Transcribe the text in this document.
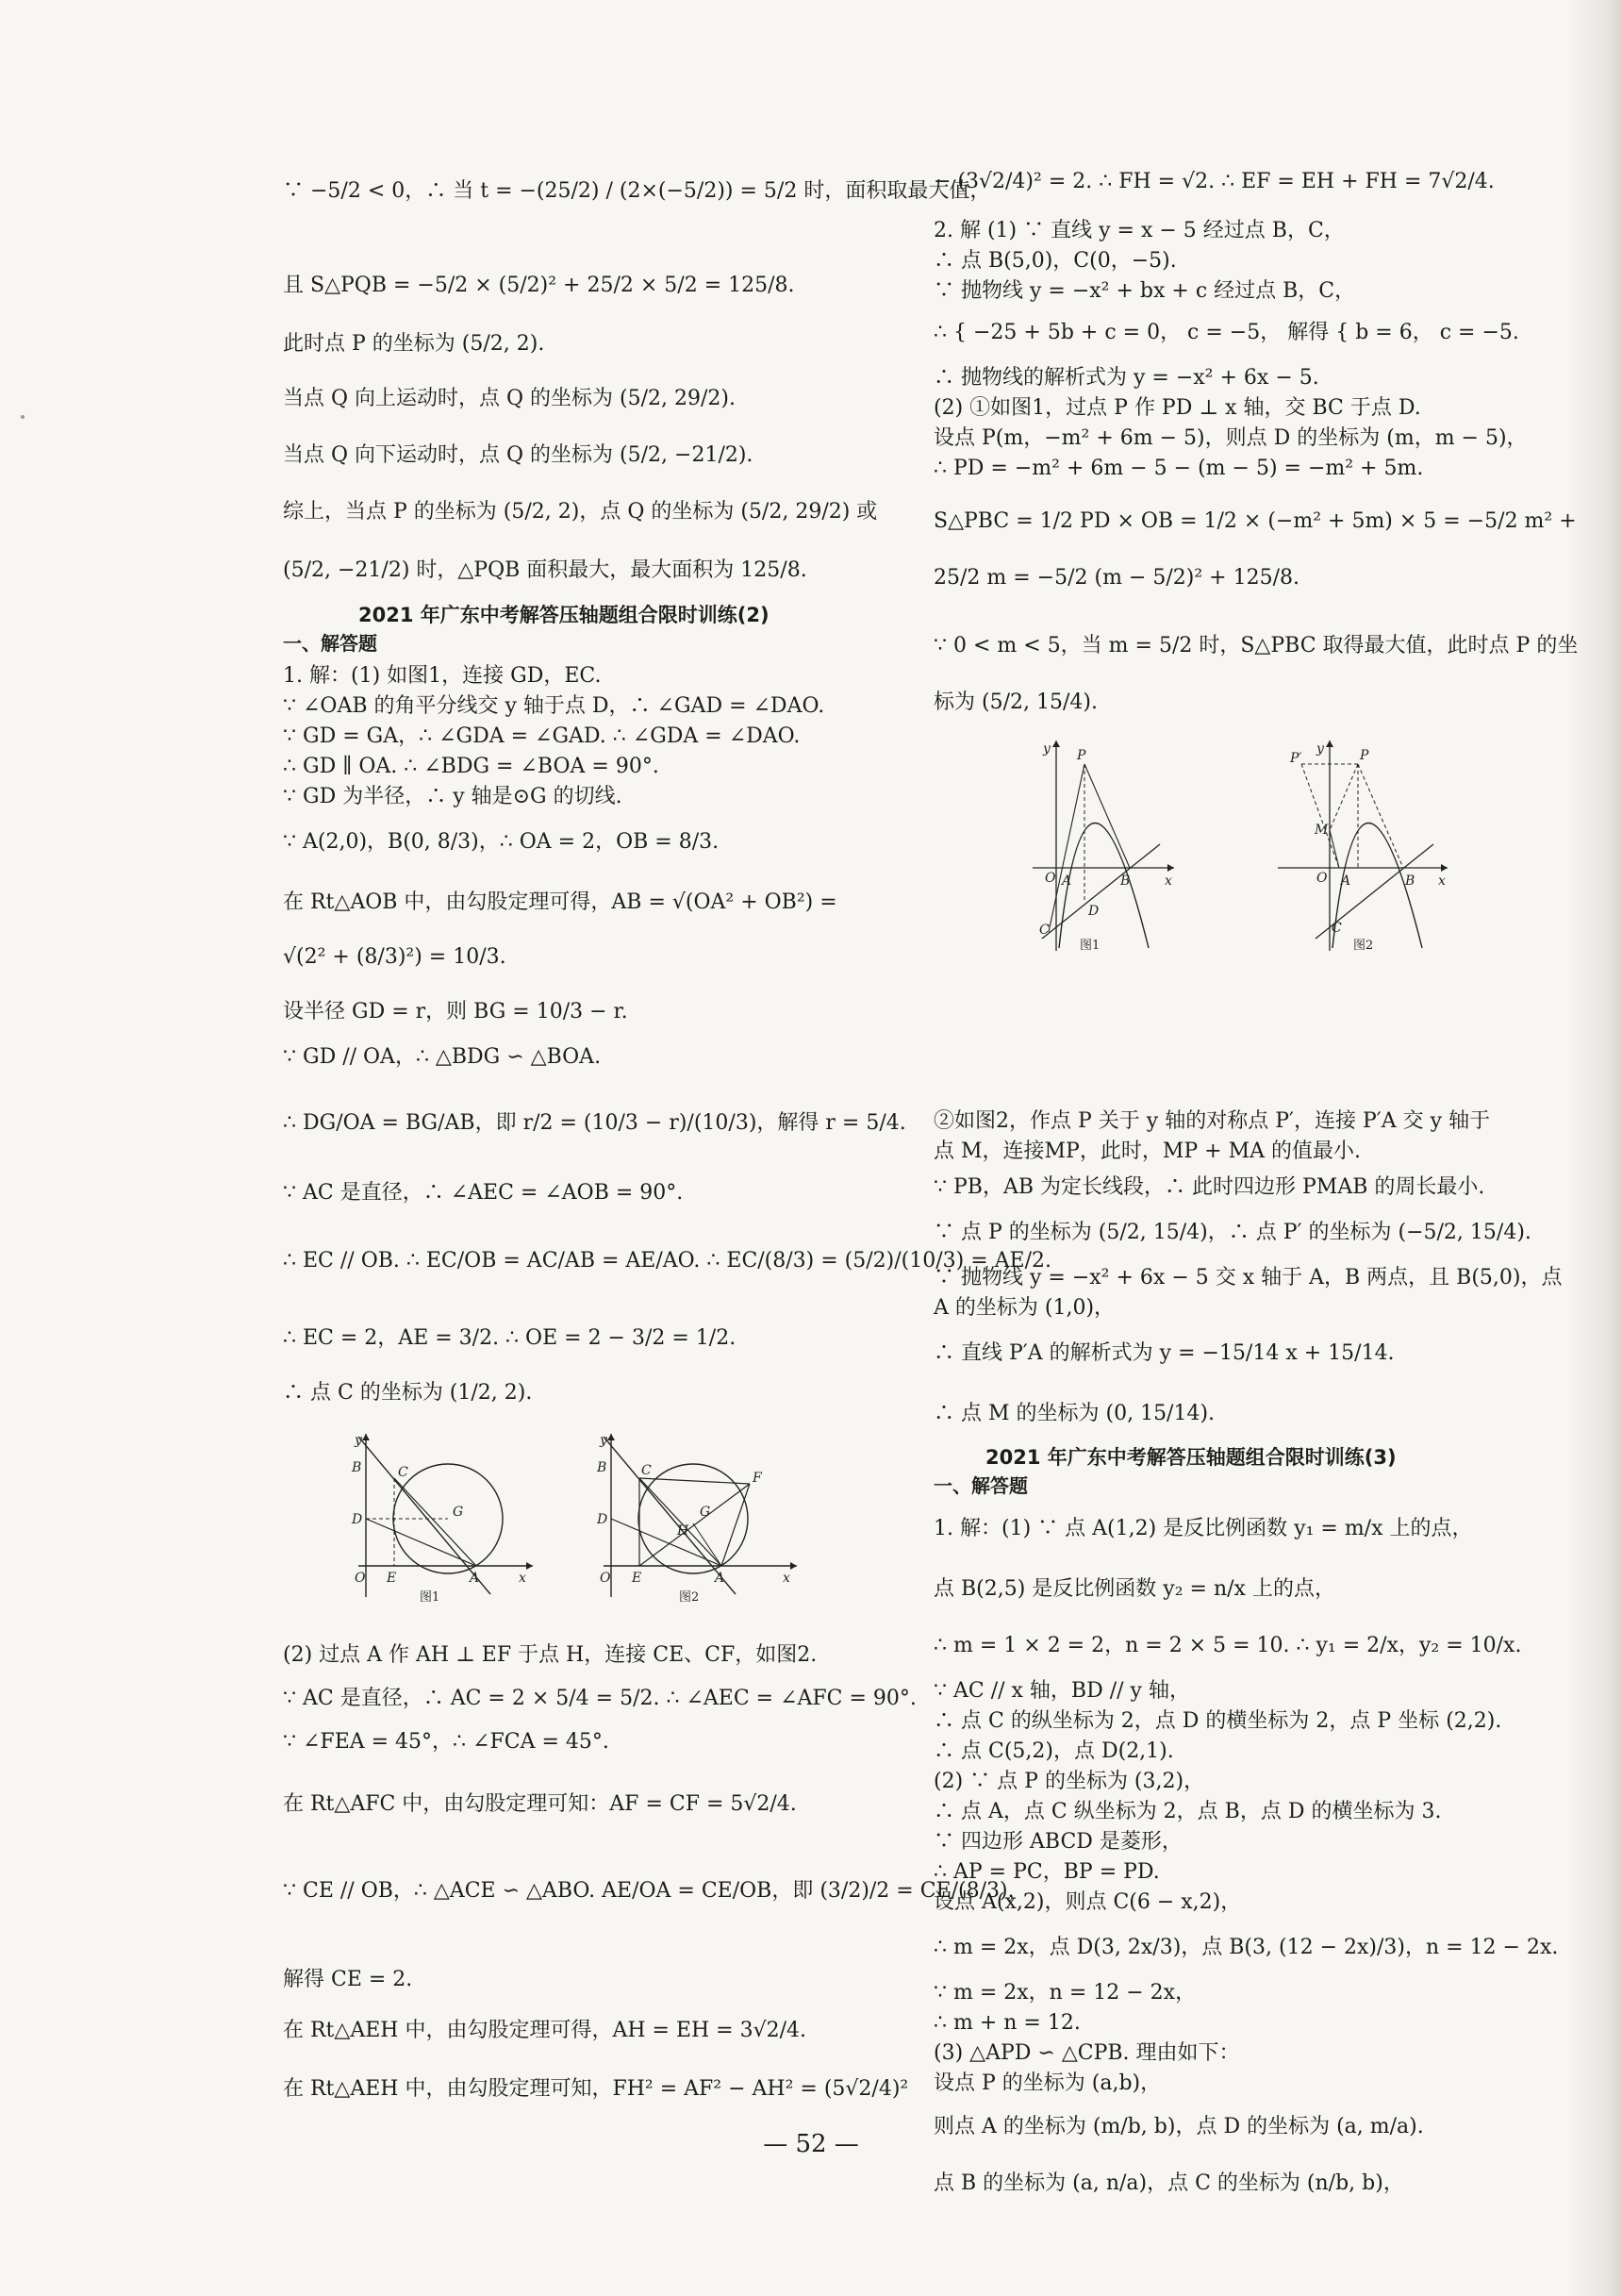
∵ −5/2 < 0，∴ 当 t = −(25/2) / (2×(−5/2)) = 5/2 时，面积取最大值，
且 S△PQB = −5/2 × (5/2)² + 25/2 × 5/2 = 125/8.
此时点 P 的坐标为 (5/2, 2).
当点 Q 向上运动时，点 Q 的坐标为 (5/2, 29/2).
当点 Q 向下运动时，点 Q 的坐标为 (5/2, −21/2).
综上，当点 P 的坐标为 (5/2, 2)，点 Q 的坐标为 (5/2, 29/2) 或
(5/2, −21/2) 时，△PQB 面积最大，最大面积为 125/8.
2021 年广东中考解答压轴题组合限时训练(2)
一、解答题
1. 解：(1) 如图1，连接 GD，EC.
∵ ∠OAB 的角平分线交 y 轴于点 D，∴ ∠GAD = ∠DAO.
∵ GD = GA，∴ ∠GDA = ∠GAD. ∴ ∠GDA = ∠DAO.
∴ GD ∥ OA. ∴ ∠BDG = ∠BOA = 90°.
∵ GD 为半径，∴ y 轴是⊙G 的切线.
∵ A(2,0)，B(0, 8/3)，∴ OA = 2，OB = 8/3.
在 Rt△AOB 中，由勾股定理可得，AB = √(OA² + OB²) =
√(2² + (8/3)²) = 10/3.
设半径 GD = r，则 BG = 10/3 − r.
∵ GD // OA，∴ △BDG ∽ △BOA.
∴ DG/OA = BG/AB，即 r/2 = (10/3 − r)/(10/3)，解得 r = 5/4.
∵ AC 是直径，∴ ∠AEC = ∠AOB = 90°.
∴ EC // OB. ∴ EC/OB = AC/AB = AE/AO. ∴ EC/(8/3) = (5/2)/(10/3) = AE/2.
∴ EC = 2，AE = 3/2. ∴ OE = 2 − 3/2 = 1/2.
∴ 点 C 的坐标为 (1/2, 2).
B	C
D	G
O E	A	x
y
图1
B	C	F
D	G
H
O E	A	x
y
图2
(2) 过点 A 作 AH ⊥ EF 于点 H，连接 CE、CF，如图2.
∵ AC 是直径，∴ AC = 2 × 5/4 = 5/2. ∴ ∠AEC = ∠AFC = 90°.
∵ ∠FEA = 45°，∴ ∠FCA = 45°.
在 Rt△AFC 中，由勾股定理可知：AF = CF = 5√2/4.
∵ CE // OB，∴ △ACE ∽ △ABO. AE/OA = CE/OB，即 (3/2)/2 = CE/(8/3)，
解得 CE = 2.
在 Rt△AEH 中，由勾股定理可得，AH = EH = 3√2/4.
在 Rt△AEH 中，由勾股定理可知，FH² = AF² − AH² = (5√2/4)²
− (3√2/4)² = 2. ∴ FH = √2. ∴ EF = EH + FH = 7√2/4.
2. 解 (1) ∵ 直线 y = x − 5 经过点 B，C，
∴ 点 B(5,0)，C(0，−5).
∵ 抛物线 y = −x² + bx + c 经过点 B，C，
∴ { −25 + 5b + c = 0， c = −5， 解得 { b = 6， c = −5.
∴ 抛物线的解析式为 y = −x² + 6x − 5.
(2) ①如图1，过点 P 作 PD ⊥ x 轴，交 BC 于点 D.
设点 P(m，−m² + 6m − 5)，则点 D 的坐标为 (m，m − 5)，
∴ PD = −m² + 6m − 5 − (m − 5) = −m² + 5m.
S△PBC = 1/2 PD × OB = 1/2 × (−m² + 5m) × 5 = −5/2 m² +
25/2 m = −5/2 (m − 5/2)² + 125/8.
∵ 0 < m < 5，当 m = 5/2 时，S△PBC 取得最大值，此时点 P 的坐
标为 (5/2, 15/4).
P
A	B
D
C
y
x
O
图1
P′	P
M
A	B
C
y
x
O
图2
②如图2，作点 P 关于 y 轴的对称点 P′，连接 P′A 交 y 轴于
点 M，连接MP，此时，MP + MA 的值最小.
∵ PB，AB 为定长线段，∴ 此时四边形 PMAB 的周长最小.
∵ 点 P 的坐标为 (5/2, 15/4)，∴ 点 P′ 的坐标为 (−5/2, 15/4).
∵ 抛物线 y = −x² + 6x − 5 交 x 轴于 A，B 两点，且 B(5,0)，点
A 的坐标为 (1,0)，
∴ 直线 P′A 的解析式为 y = −15/14 x + 15/14.
∴ 点 M 的坐标为 (0, 15/14).
2021 年广东中考解答压轴题组合限时训练(3)
一、解答题
1. 解：(1) ∵ 点 A(1,2) 是反比例函数 y₁ = m/x 上的点，
点 B(2,5) 是反比例函数 y₂ = n/x 上的点，
∴ m = 1 × 2 = 2，n = 2 × 5 = 10. ∴ y₁ = 2/x，y₂ = 10/x.
∵ AC // x 轴，BD // y 轴，
∴ 点 C 的纵坐标为 2，点 D 的横坐标为 2，点 P 坐标 (2,2).
∴ 点 C(5,2)，点 D(2,1).
(2) ∵ 点 P 的坐标为 (3,2)，
∴ 点 A，点 C 纵坐标为 2，点 B，点 D 的横坐标为 3.
∵ 四边形 ABCD 是菱形，
∴ AP = PC，BP = PD.
设点 A(x,2)，则点 C(6 − x,2)，
∴ m = 2x，点 D(3, 2x/3)，点 B(3, (12 − 2x)/3)，n = 12 − 2x.
∵ m = 2x，n = 12 − 2x，
∴ m + n = 12.
(3) △APD ∽ △CPB. 理由如下：
设点 P 的坐标为 (a,b)，
则点 A 的坐标为 (m/b, b)，点 D 的坐标为 (a, m/a).
点 B 的坐标为 (a, n/a)，点 C 的坐标为 (n/b, b)，
— 52 —
